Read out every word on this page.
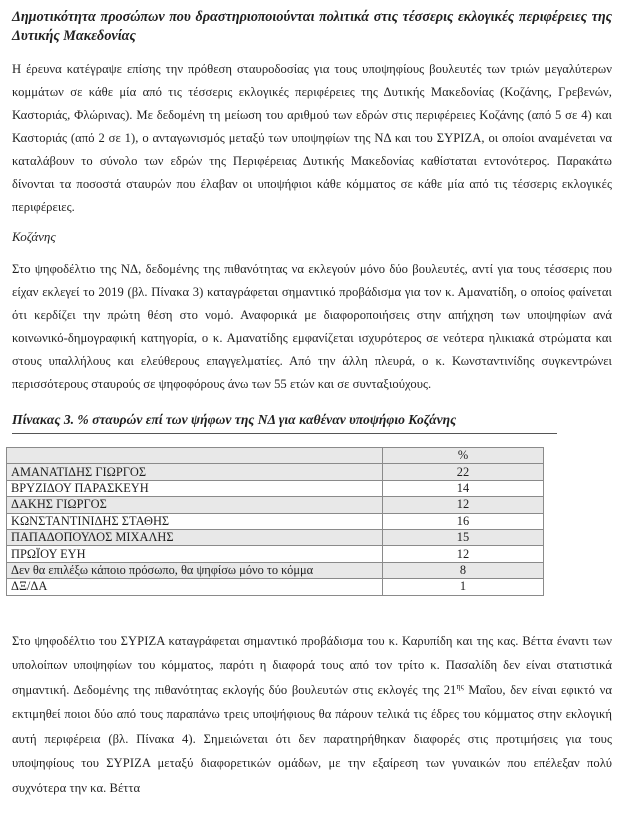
Δημοτικότητα προσώπων που δραστηριοποιούνται πολιτικά στις τέσσερις εκλογικές περιφέρειες της Δυτικής Μακεδονίας

Η έρευνα κατέγραψε επίσης την πρόθεση σταυροδοσίας για τους υποψηφίους βουλευτές των τριών μεγαλύτερων κομμάτων σε κάθε μία από τις τέσσερις εκλογικές περιφέρειες της Δυτικής Μακεδονίας (Κοζάνης, Γρεβενών, Καστοριάς, Φλώρινας). Με δεδομένη τη μείωση του αριθμού των εδρών στις περιφέρειες Κοζάνης (από 5 σε 4) και Καστοριάς (από 2 σε 1), ο ανταγωνισμός μεταξύ των υποψηφίων της ΝΔ και του ΣΥΡΙΖΑ, οι οποίοι αναμένεται να καταλάβουν το σύνολο των εδρών της Περιφέρειας Δυτικής Μακεδονίας καθίσταται εντονότερος. Παρακάτω δίνονται τα ποσοστά σταυρών που έλαβαν οι υποψήφιοι κάθε κόμματος σε κάθε μία από τις τέσσερις εκλογικές περιφέρειες.

Κοζάνης

Στο ψηφοδέλτιο της ΝΔ, δεδομένης της πιθανότητας να εκλεγούν μόνο δύο βουλευτές, αντί για τους τέσσερις που είχαν εκλεγεί το 2019 (βλ. Πίνακα 3) καταγράφεται σημαντικό προβάδισμα για τον κ. Αμανατίδη, ο οποίος φαίνεται ότι κερδίζει την πρώτη θέση στο νομό. Αναφορικά με διαφοροποιήσεις στην απήχηση των υποψηφίων ανά κοινωνικό-δημογραφική κατηγορία, ο κ. Αμανατίδης εμφανίζεται ισχυρότερος σε νεότερα ηλικιακά στρώματα και στους υπαλλήλους και ελεύθερους επαγγελματίες. Από την άλλη πλευρά, ο κ. Κωνσταντινίδης συγκεντρώνει περισσότερους σταυρούς σε ψηφοφόρους άνω των 55 ετών και σε συνταξιούχους.

Πίνακας 3. % σταυρών επί των ψήφων της ΝΔ για καθέναν υποψήφιο Κοζάνης
	%
ΑΜΑΝΑΤΙΔΗΣ ΓΙΩΡΓΟΣ	22
ΒΡΥΖΙΔΟΥ ΠΑΡΑΣΚΕΥΗ	14
ΔΑΚΗΣ ΓΙΩΡΓΟΣ	12
ΚΩΝΣΤΑΝΤΙΝΙΔΗΣ ΣΤΑΘΗΣ	16
ΠΑΠΑΔΟΠΟΥΛΟΣ ΜΙΧΑΛΗΣ	15
ΠΡΩΪΟΥ ΕΥΗ	12
Δεν θα επιλέξω κάποιο πρόσωπο, θα ψηφίσω μόνο το κόμμα	8
ΔΞ/ΔΑ	1

Στο ψηφοδέλτιο του ΣΥΡΙΖΑ καταγράφεται σημαντικό προβάδισμα του κ. Καρυπίδη και της κας. Βέττα έναντι των υπολοίπων υποψηφίων του κόμματος, παρότι η διαφορά τους από τον τρίτο κ. Πασαλίδη δεν είναι στατιστικά σημαντική. Δεδομένης της πιθανότητας εκλογής δύο βουλευτών στις εκλογές της $21^{\eta\varsigma}$ Μαΐου, δεν είναι εφικτό να εκτιμηθεί ποιοι δύο από τους παραπάνω τρεις υποψήφιους θα πάρουν τελικά τις έδρες του κόμματος στην εκλογική αυτή περιφέρεια (βλ. Πίνακα 4). Σημειώνεται ότι δεν παρατηρήθηκαν διαφορές στις προτιμήσεις για τους υποψηφίους του ΣΥΡΙΖΑ μεταξύ διαφορετικών ομάδων, με την εξαίρεση των γυναικών που επέλεξαν πολύ συχνότερα την κα. Βέττα
